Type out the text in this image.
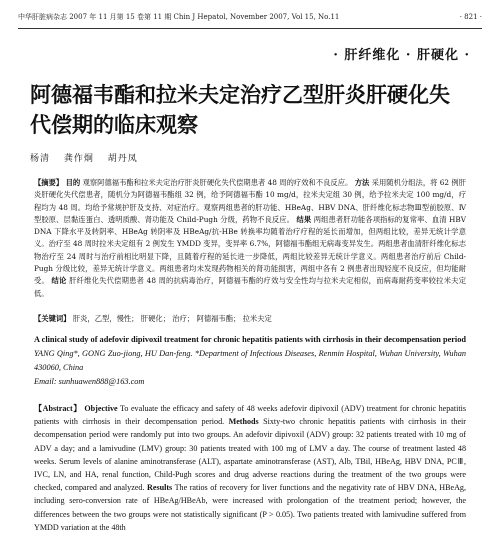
中华肝脏病杂志 2007 年 11 月第 15 卷第 11 期 Chin J Hepatol, November 2007, Vol 15, No.11	· 821 ·
· 肝纤维化 · 肝硬化 ·
阿德福韦酯和拉米夫定治疗乙型肝炎肝硬化失代偿期的临床观察
杨清 龚作炯 胡丹凤
【摘要】 目的 观察阿德福韦酯和拉米夫定治疗肝炎肝硬化失代偿期患者 48 周的疗效和不良反应。 方法 采用随机分组法，将 62 例肝炎肝硬化失代偿患者，随机分为阿德福韦酯组 32 例，给予阿德福韦酯 10 mg/d，拉米夫定组 30 例，给予拉米夫定 100 mg/d，疗程均为 48 周。均给予常规护肝及支持、对症治疗。观察两组患者的肝功能、HBeAg、HBV DNA、肝纤维化标志物Ⅲ型前胶原、Ⅳ型胶原、层黏连蛋白、透明质酸、肾功能及 Child-Pugh 分级，药物不良反应。 结果 两组患者肝功能各项指标的复常率、血清 HBV DNA 下降水平及转阴率、HBeAg 转阴率及 HBeAg/抗-HBe 转换率均随着治疗疗程的延长而增加，但两组比较，差异无统计学意义。治疗至 48 周时拉米夫定组有 2 例发生 YMDD 变异，变异率 6.7%，阿德福韦酯组无病毒变异发生。两组患者血清肝纤维化标志物治疗至 24 周时与治疗前相比明显下降，且随着疗程的延长进一步降低，两组比较差异无统计学意义。两组患者治疗前后 Child-Pugh 分级比较，差异无统计学意义。两组患者均未发现药物相关的肾功能损害，两组中各有 2 例患者出现轻度不良反应，但均能耐受。 结论 肝纤维化失代偿期患者 48 周的抗病毒治疗，阿德福韦酯的疗效与安全性均与拉米夫定相似，而病毒耐药变率较拉米夫定低。
【关键词】 肝炎，乙型，慢性； 肝硬化； 治疗； 阿德福韦酯； 拉米夫定
A clinical study of adefovir dipivoxil treatment for chronic hepatitis patients with cirrhosis in their decompensation period YANG Qing*, GONG Zuo-jiong, HU Dan-feng. *Department of Infectious Diseases, Renmin Hospital, Wuhan University, Wuhan 430060, China
Email: sunhuawen888@163.com
【Abstract】 Objective To evaluate the efficacy and safety of 48 weeks adefovir dipivoxil (ADV) treatment for chronic hepatitis patients with cirrhosis in their decompensation period. Methods Sixty-two chronic hepatitis patients with cirrhosis in their decompensation period were randomly put into two groups. An adefovir dipivoxil (ADV) group: 32 patients treated with 10 mg of ADV a day; and a lamivudine (LMV) group: 30 patients treated with 100 mg of LMV a day. The course of treatment lasted 48 weeks. Serum levels of alanine aminotransferase (ALT), aspartate aminotransferase (AST), Alb, TBil, HBeAg, HBV DNA, PCⅢ, IVC, LN, and HA, renal function, Child-Pugh scores and drug adverse reactions during the treatment of the two groups were checked, compared and analyzed. Results The ratios of recovery for liver functions and the negativity rate of HBV DNA, HBeAg, including sero-conversion rate of HBeAg/HBeAb, were increased with prolongation of the treatment period; however, the differences between the two groups were not statistically significant (P > 0.05). Two patients treated with lamivudine suffered from YMDD variation at the 48th
